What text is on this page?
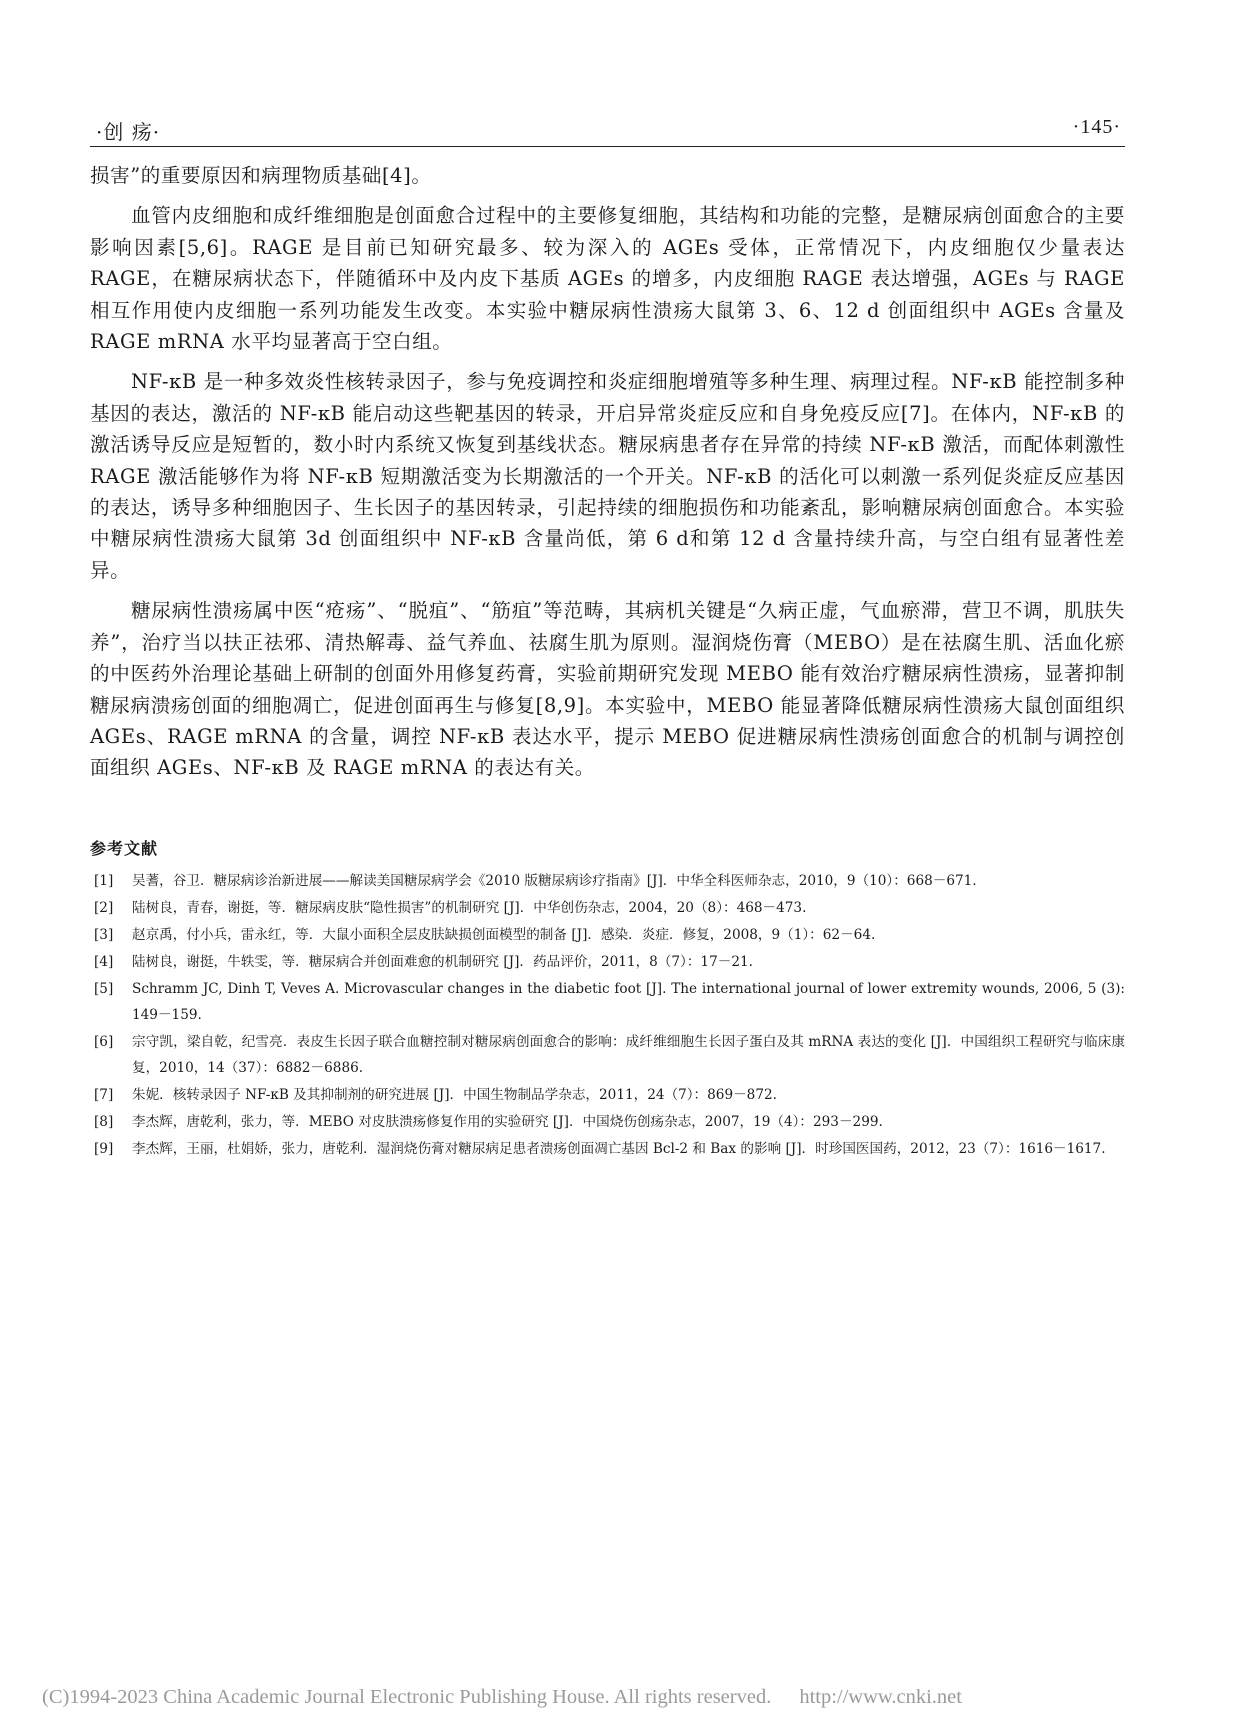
·创 疡·	·145·

损害”的重要原因和病理物质基础[4]。

血管内皮细胞和成纤维细胞是创面愈合过程中的主要修复细胞，其结构和功能的完整，是糖尿病创面愈合的主要影响因素[5,6]。RAGE 是目前已知研究最多、较为深入的 AGEs 受体，正常情况下，内皮细胞仅少量表达 RAGE，在糖尿病状态下，伴随循环中及内皮下基质 AGEs 的增多，内皮细胞 RAGE 表达增强，AGEs 与 RAGE 相互作用使内皮细胞一系列功能发生改变。本实验中糖尿病性溃疡大鼠第 3、6、12 d 创面组织中 AGEs 含量及 RAGE mRNA 水平均显著高于空白组。

NF-κB 是一种多效炎性核转录因子，参与免疫调控和炎症细胞增殖等多种生理、病理过程。NF-κB 能控制多种基因的表达，激活的 NF-κB 能启动这些靶基因的转录，开启异常炎症反应和自身免疫反应[7]。在体内，NF-κB 的激活诱导反应是短暂的，数小时内系统又恢复到基线状态。糖尿病患者存在异常的持续 NF-κB 激活，而配体刺激性 RAGE 激活能够作为将 NF-κB 短期激活变为长期激活的一个开关。NF-κB 的活化可以刺激一系列促炎症反应基因的表达，诱导多种细胞因子、生长因子的基因转录，引起持续的细胞损伤和功能紊乱，影响糖尿病创面愈合。本实验中糖尿病性溃疡大鼠第 3d 创面组织中 NF-κB 含量尚低，第 6 d和第 12 d 含量持续升高，与空白组有显著性差异。

糖尿病性溃疡属中医“疮疡”、“脱疽”、“筋疽”等范畴，其病机关键是“久病正虚，气血瘀滞，营卫不调，肌肤失养”，治疗当以扶正祛邪、清热解毒、益气养血、祛腐生肌为原则。湿润烧伤膏（MEBO）是在祛腐生肌、活血化瘀的中医药外治理论基础上研制的创面外用修复药膏，实验前期研究发现 MEBO 能有效治疗糖尿病性溃疡，显著抑制糖尿病溃疡创面的细胞凋亡，促进创面再生与修复[8,9]。本实验中，MEBO 能显著降低糖尿病性溃疡大鼠创面组织 AGEs、RAGE mRNA 的含量，调控 NF-κB 表达水平，提示 MEBO 促进糖尿病性溃疡创面愈合的机制与调控创面组织 AGEs、NF-κB 及 RAGE mRNA 的表达有关。

参考文献
[1] 吴蓍，谷卫．糖尿病诊治新进展——解读美国糖尿病学会《2010 版糖尿病诊疗指南》[J]．中华全科医师杂志，2010，9（10）：668－671.
[2] 陆树良，青春，谢挺，等．糖尿病皮肤“隐性损害”的机制研究 [J]．中华创伤杂志，2004，20（8）：468－473.
[3] 赵京禹，付小兵，雷永红，等．大鼠小面积全层皮肤缺损创面模型的制备 [J]．感染．炎症．修复，2008，9（1）：62－64.
[4] 陆树良，谢挺，牛轶雯，等．糖尿病合并创面难愈的机制研究 [J]．药品评价，2011，8（7）：17－21.
[5] Schramm JC, Dinh T, Veves A. Microvascular changes in the diabetic foot [J]. The international journal of lower extremity wounds, 2006, 5 (3): 149－159.
[6] 宗守凯，梁自乾，纪雪亮．表皮生长因子联合血糖控制对糖尿病创面愈合的影响：成纤维细胞生长因子蛋白及其 mRNA 表达的变化 [J]．中国组织工程研究与临床康复，2010，14（37）：6882－6886.
[7] 朱妮．核转录因子 NF-κB 及其抑制剂的研究进展 [J]．中国生物制品学杂志，2011，24（7）：869－872.
[8] 李杰辉，唐乾利，张力，等．MEBO 对皮肤溃疡修复作用的实验研究 [J]．中国烧伤创疡杂志，2007，19（4）：293－299.
[9] 李杰辉，王丽，杜娟娇，张力，唐乾利．湿润烧伤膏对糖尿病足患者溃疡创面凋亡基因 Bcl-2 和 Bax 的影响 [J]．时珍国医国药，2012，23（7）：1616－1617.
(C)1994-2023 China Academic Journal Electronic Publishing House. All rights reserved. http://www.cnki.net
